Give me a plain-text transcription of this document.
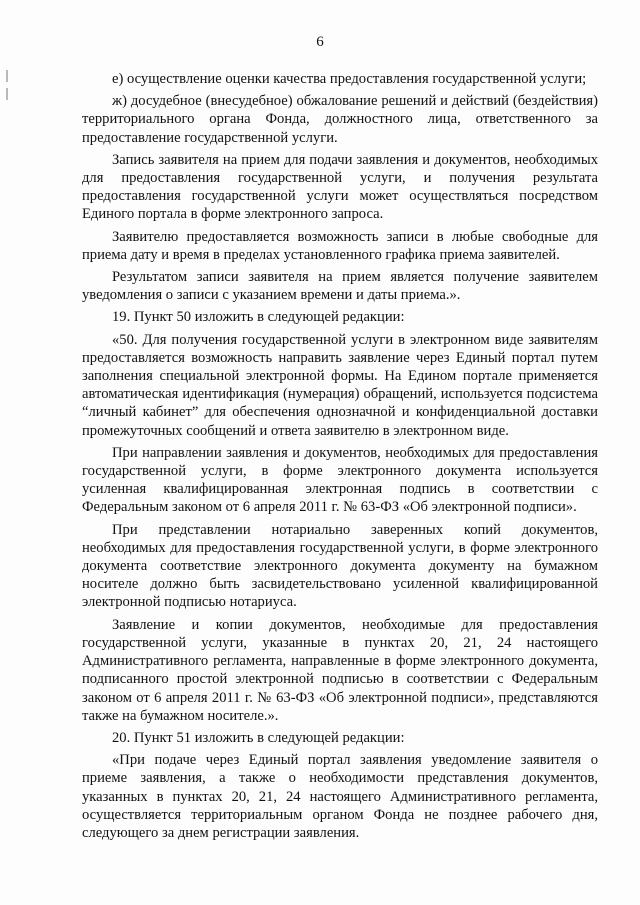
6

е) осуществление оценки качества предоставления государственной услуги;

ж) досудебное (внесудебное) обжалование решений и действий (бездействия) территориального органа Фонда, должностного лица, ответственного за предоставление государственной услуги.

Запись заявителя на прием для подачи заявления и документов, необходимых для предоставления государственной услуги, и получения результата предоставления государственной услуги может осуществляться посредством Единого портала в форме электронного запроса.

Заявителю предоставляется возможность записи в любые свободные для приема дату и время в пределах установленного графика приема заявителей.

Результатом записи заявителя на прием является получение заявителем уведомления о записи с указанием времени и даты приема.».

19. Пункт 50 изложить в следующей редакции:

«50. Для получения государственной услуги в электронном виде заявителям предоставляется возможность направить заявление через Единый портал путем заполнения специальной электронной формы. На Едином портале применяется автоматическая идентификация (нумерация) обращений, используется подсистема “личный кабинет” для обеспечения однозначной и конфиденциальной доставки промежуточных сообщений и ответа заявителю в электронном виде.

При направлении заявления и документов, необходимых для предоставления государственной услуги, в форме электронного документа используется усиленная квалифицированная электронная подпись в соответствии с Федеральным законом от 6 апреля 2011 г. № 63-ФЗ «Об электронной подписи».

При представлении нотариально заверенных копий документов, необходимых для предоставления государственной услуги, в форме электронного документа соответствие электронного документа документу на бумажном носителе должно быть засвидетельствовано усиленной квалифицированной электронной подписью нотариуса.

Заявление и копии документов, необходимые для предоставления государственной услуги, указанные в пунктах 20, 21, 24 настоящего Административного регламента, направленные в форме электронного документа, подписанного простой электронной подписью в соответствии с Федеральным законом от 6 апреля 2011 г. № 63-ФЗ «Об электронной подписи», представляются также на бумажном носителе.».

20. Пункт 51 изложить в следующей редакции:

«При подаче через Единый портал заявления уведомление заявителя о приеме заявления, а также о необходимости представления документов, указанных в пунктах 20, 21, 24 настоящего Административного регламента, осуществляется территориальным органом Фонда не позднее рабочего дня, следующего за днем регистрации заявления.
